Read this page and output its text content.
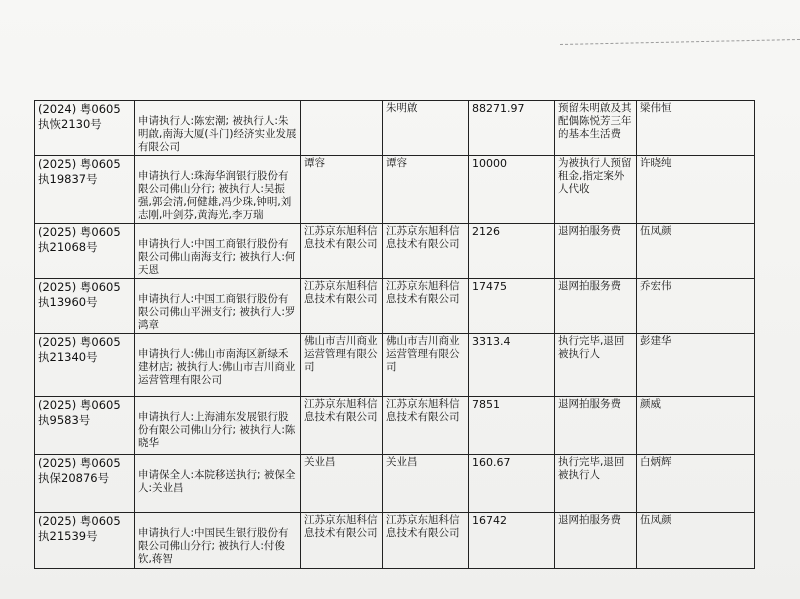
(2024) 粤0605执恢2130号	申请执行人:陈宏潮; 被执行人:朱明啟,南海大厦(斗门)经济实业发展有限公司		朱明啟	88271.97	预留朱明啟及其配偶陈悦芳三年的基本生活费	梁伟恒
(2025) 粤0605执19837号	申请执行人:珠海华润银行股份有限公司佛山分行; 被执行人:吴振强,郭会清,何健雄,冯少珠,钟明,刘志刚,叶剑芬,黄海光,李万瑞	谭容	谭容	10000	为被执行人预留租金,指定案外人代收	许晓纯
(2025) 粤0605执21068号	申请执行人:中国工商银行股份有限公司佛山南海支行; 被执行人:何天恩	江苏京东旭科信息技术有限公司	江苏京东旭科信息技术有限公司	2126	退网拍服务费	伍凤颜
(2025) 粤0605执13960号	申请执行人:中国工商银行股份有限公司佛山平洲支行; 被执行人:罗鸿章	江苏京东旭科信息技术有限公司	江苏京东旭科信息技术有限公司	17475	退网拍服务费	乔宏伟
(2025) 粤0605执21340号	申请执行人:佛山市南海区新绿禾建材店; 被执行人:佛山市吉川商业运营管理有限公司	佛山市吉川商业运营管理有限公司	佛山市吉川商业运营管理有限公司	3313.4	执行完毕,退回被执行人	彭建华
(2025) 粤0605执9583号	申请执行人:上海浦东发展银行股份有限公司佛山分行; 被执行人:陈晓华	江苏京东旭科信息技术有限公司	江苏京东旭科信息技术有限公司	7851	退网拍服务费	颜威
(2025) 粤0605执保20876号	申请保全人:本院移送执行; 被保全人:关业昌	关业昌	关业昌	160.67	执行完毕,退回被执行人	白炳辉
(2025) 粤0605执21539号	申请执行人:中国民生银行股份有限公司佛山分行; 被执行人:付俊钦,蒋智	江苏京东旭科信息技术有限公司	江苏京东旭科信息技术有限公司	16742	退网拍服务费	伍凤颜
